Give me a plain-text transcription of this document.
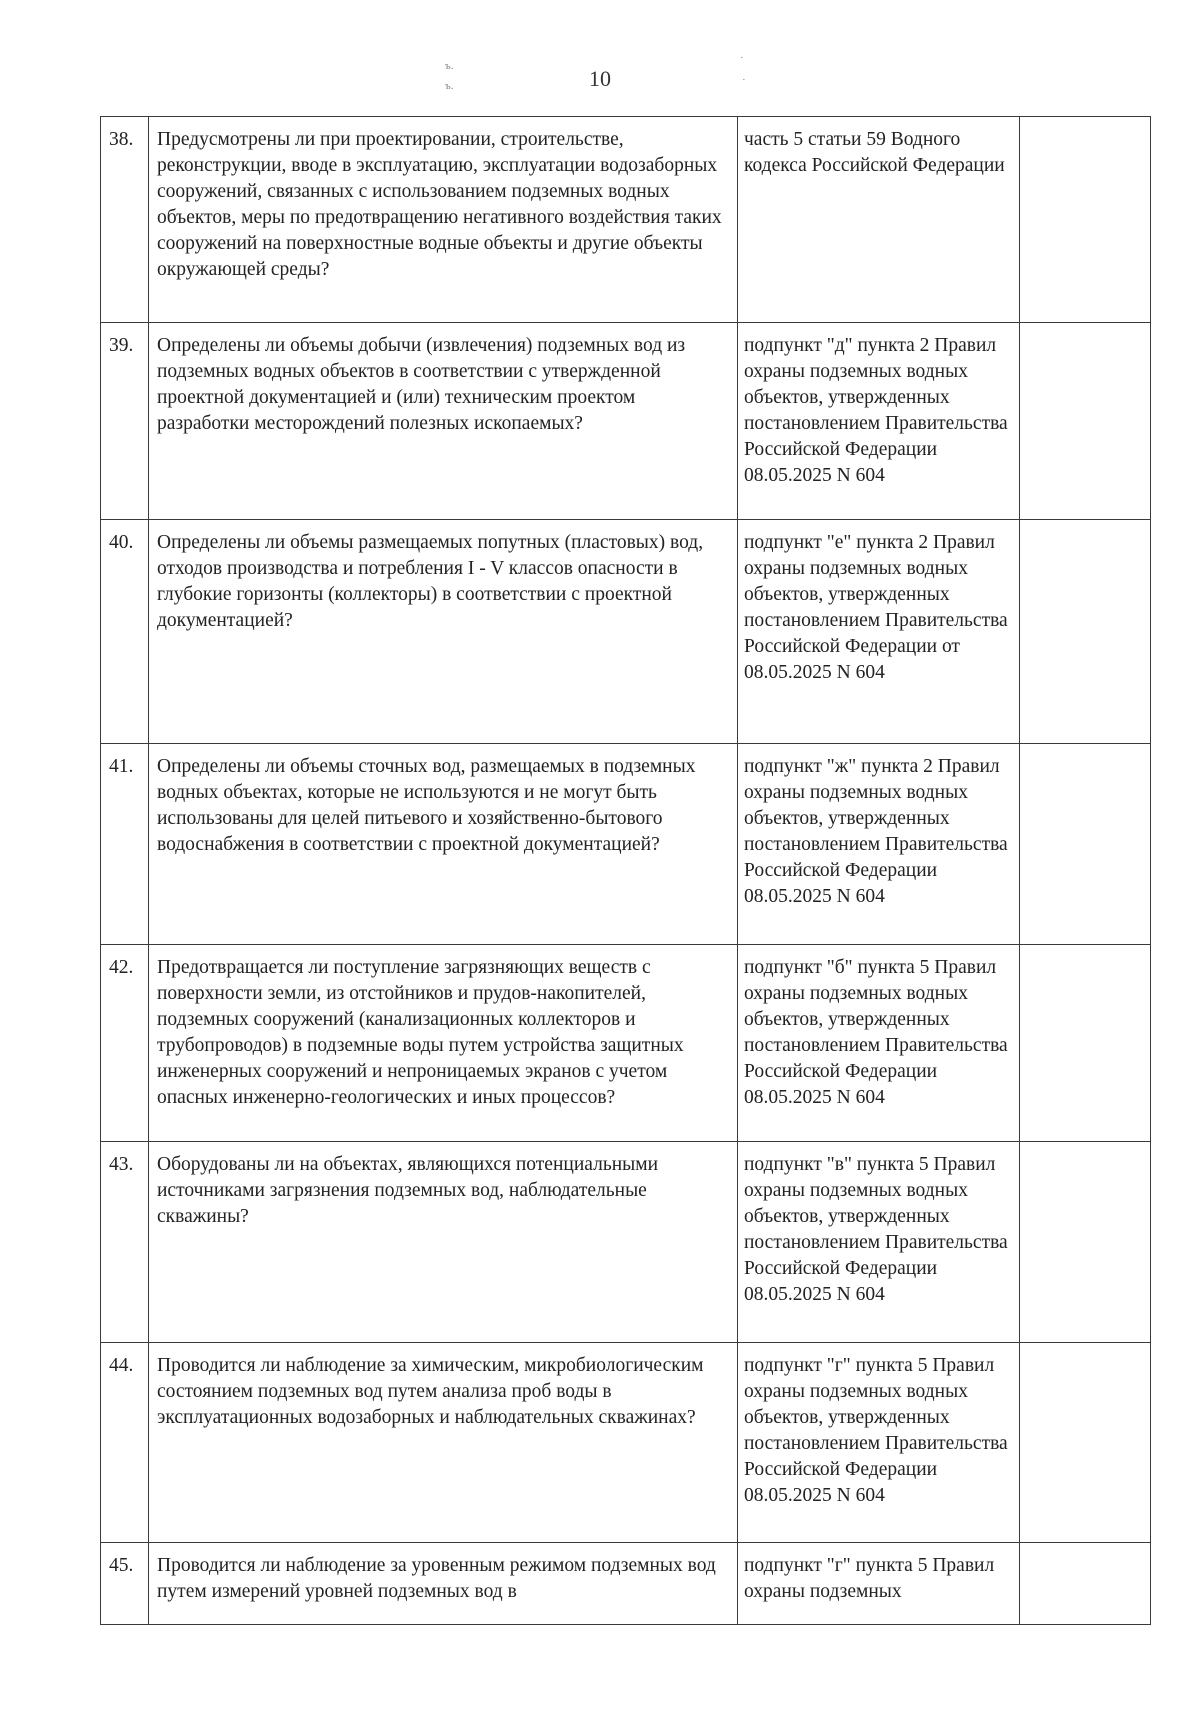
ъ.
ъ.
·
·
10
38.	Предусмотрены ли при проектировании, строительстве, реконструкции, вводе в эксплуатацию, эксплуатации водозаборных сооружений, связанных с использованием подземных водных объектов, меры по предотвращению негативного воздействия таких сооружений на поверхностные водные объекты и другие объекты окружающей среды?	часть 5 статьи 59 Водного кодекса Российской Федерации	
39.	Определены ли объемы добычи (извлечения) подземных вод из подземных водных объектов в соответствии с утвержденной проектной документацией и (или) техническим проектом разработки месторождений полезных ископаемых?	подпункт "д" пункта 2 Правил охраны подземных водных объектов, утвержденных постановлением Правительства Российской Федерации 08.05.2025 N 604	
40.	Определены ли объемы размещаемых попутных (пластовых) вод, отходов производства и потребления I - V классов опасности в глубокие горизонты (коллекторы) в соответствии с проектной документацией?	подпункт "е" пункта 2 Правил охраны подземных водных объектов, утвержденных постановлением Правительства Российской Федерации от 08.05.2025 N 604	
41.	Определены ли объемы сточных вод, размещаемых в подземных водных объектах, которые не используются и не могут быть использованы для целей питьевого и хозяйственно-бытового водоснабжения в соответствии с проектной документацией?	подпункт "ж" пункта 2 Правил охраны подземных водных объектов, утвержденных постановлением Правительства Российской Федерации 08.05.2025 N 604	
42.	Предотвращается ли поступление загрязняющих веществ с поверхности земли, из отстойников и прудов-накопителей, подземных сооружений (канализационных коллекторов и трубопроводов) в подземные воды путем устройства защитных инженерных сооружений и непроницаемых экранов с учетом опасных инженерно-геологических и иных процессов?	подпункт "б" пункта 5 Правил охраны подземных водных объектов, утвержденных постановлением Правительства Российской Федерации 08.05.2025 N 604	
43.	Оборудованы ли на объектах, являющихся потенциальными источниками загрязнения подземных вод, наблюдательные скважины?	подпункт "в" пункта 5 Правил охраны подземных водных объектов, утвержденных постановлением Правительства Российской Федерации 08.05.2025 N 604	
44.	Проводится ли наблюдение за химическим, микробиологическим состоянием подземных вод путем анализа проб воды в эксплуатационных водозаборных и наблюдательных скважинах?	подпункт "г" пункта 5 Правил охраны подземных водных объектов, утвержденных постановлением Правительства Российской Федерации 08.05.2025 N 604	
45.	Проводится ли наблюдение за уровенным режимом подземных вод путем измерений уровней подземных вод в	подпункт "г" пункта 5 Правил охраны подземных	
